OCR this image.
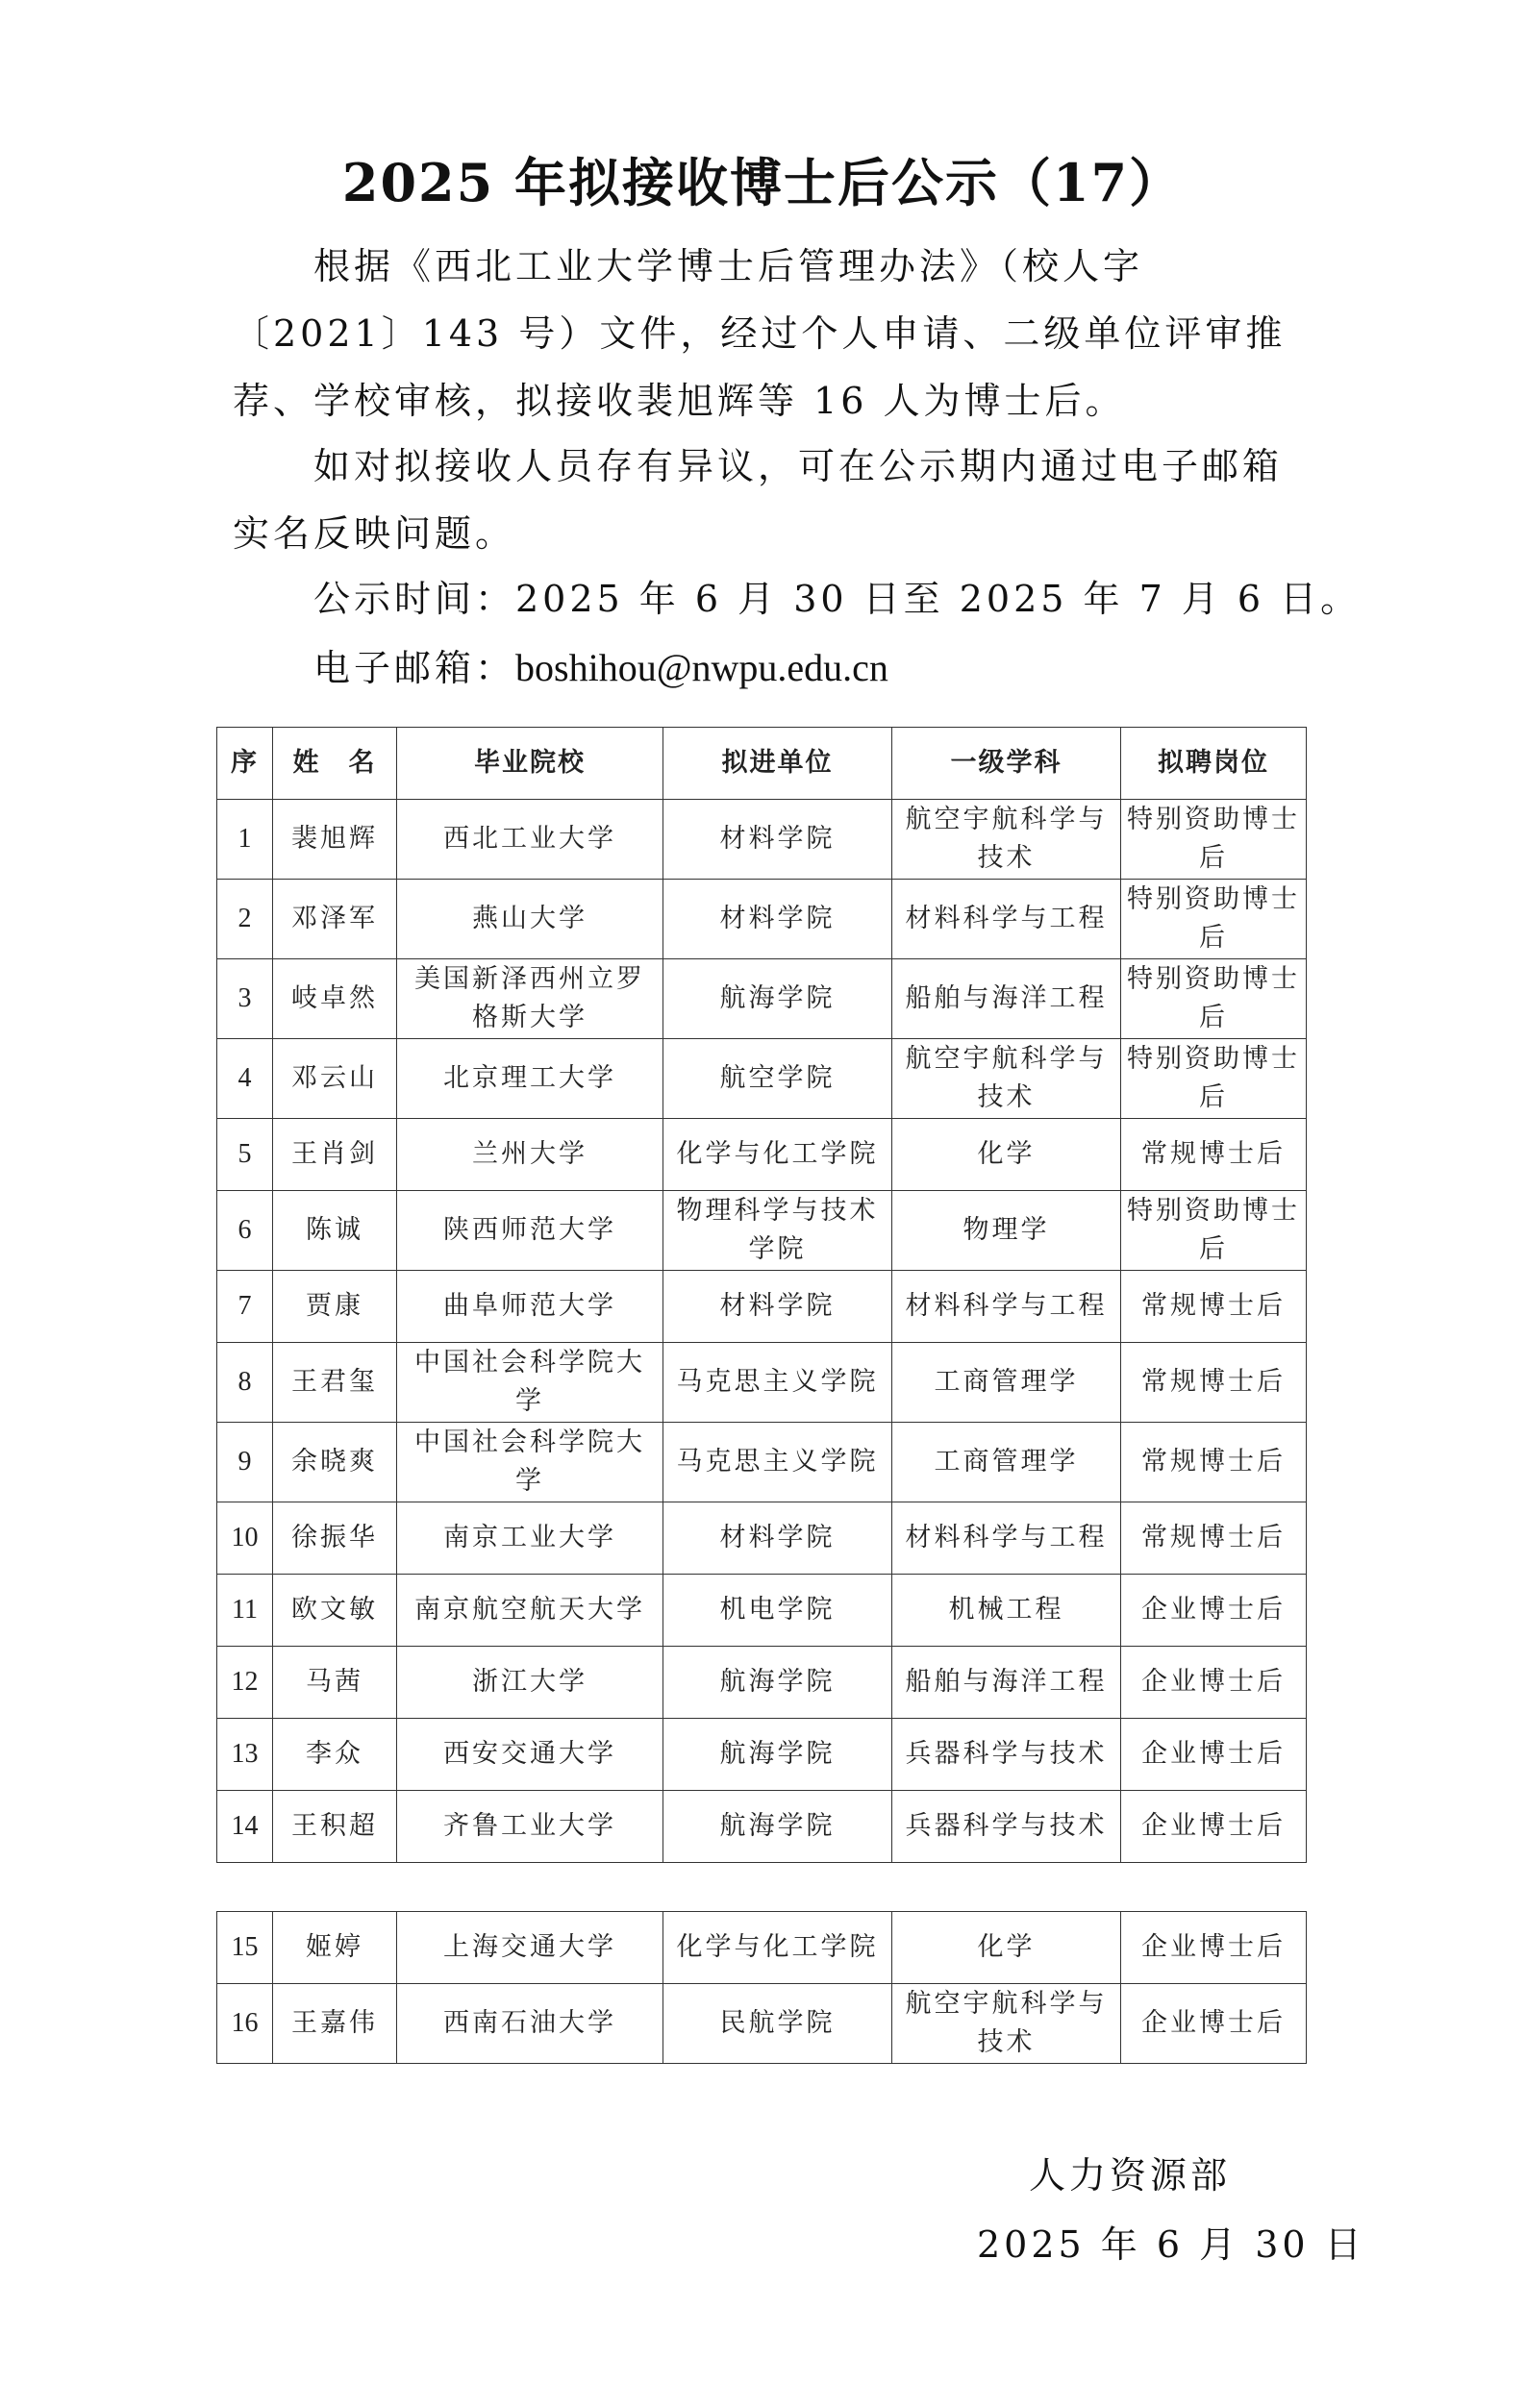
2025 年拟接收博士后公示（17）
根据《西北工业大学博士后管理办法》（校人字〔2021〕143 号）文件，经过个人申请、二级单位评审推荐、学校审核，拟接收裴旭辉等 16 人为博士后。
如对拟接收人员存有异议，可在公示期内通过电子邮箱实名反映问题。
公示时间：2025 年 6 月 30 日至 2025 年 7 月 6 日。
电子邮箱：boshihou@nwpu.edu.cn
序	姓　名	毕业院校	拟进单位	一级学科	拟聘岗位
1	裴旭辉	西北工业大学	材料学院	航空宇航科学与技术	特别资助博士后
2	邓泽军	燕山大学	材料学院	材料科学与工程	特别资助博士后
3	岐卓然	美国新泽西州立罗格斯大学	航海学院	船舶与海洋工程	特别资助博士后
4	邓云山	北京理工大学	航空学院	航空宇航科学与技术	特别资助博士后
5	王肖剑	兰州大学	化学与化工学院	化学	常规博士后
6	陈诚	陕西师范大学	物理科学与技术学院	物理学	特别资助博士后
7	贾康	曲阜师范大学	材料学院	材料科学与工程	常规博士后
8	王君玺	中国社会科学院大学	马克思主义学院	工商管理学	常规博士后
9	余晓爽	中国社会科学院大学	马克思主义学院	工商管理学	常规博士后
10	徐振华	南京工业大学	材料学院	材料科学与工程	常规博士后
11	欧文敏	南京航空航天大学	机电学院	机械工程	企业博士后
12	马茜	浙江大学	航海学院	船舶与海洋工程	企业博士后
13	李众	西安交通大学	航海学院	兵器科学与技术	企业博士后
14	王积超	齐鲁工业大学	航海学院	兵器科学与技术	企业博士后
15	姬婷	上海交通大学	化学与化工学院	化学	企业博士后
16	王嘉伟	西南石油大学	民航学院	航空宇航科学与技术	企业博士后
人力资源部
2025 年 6 月 30 日
